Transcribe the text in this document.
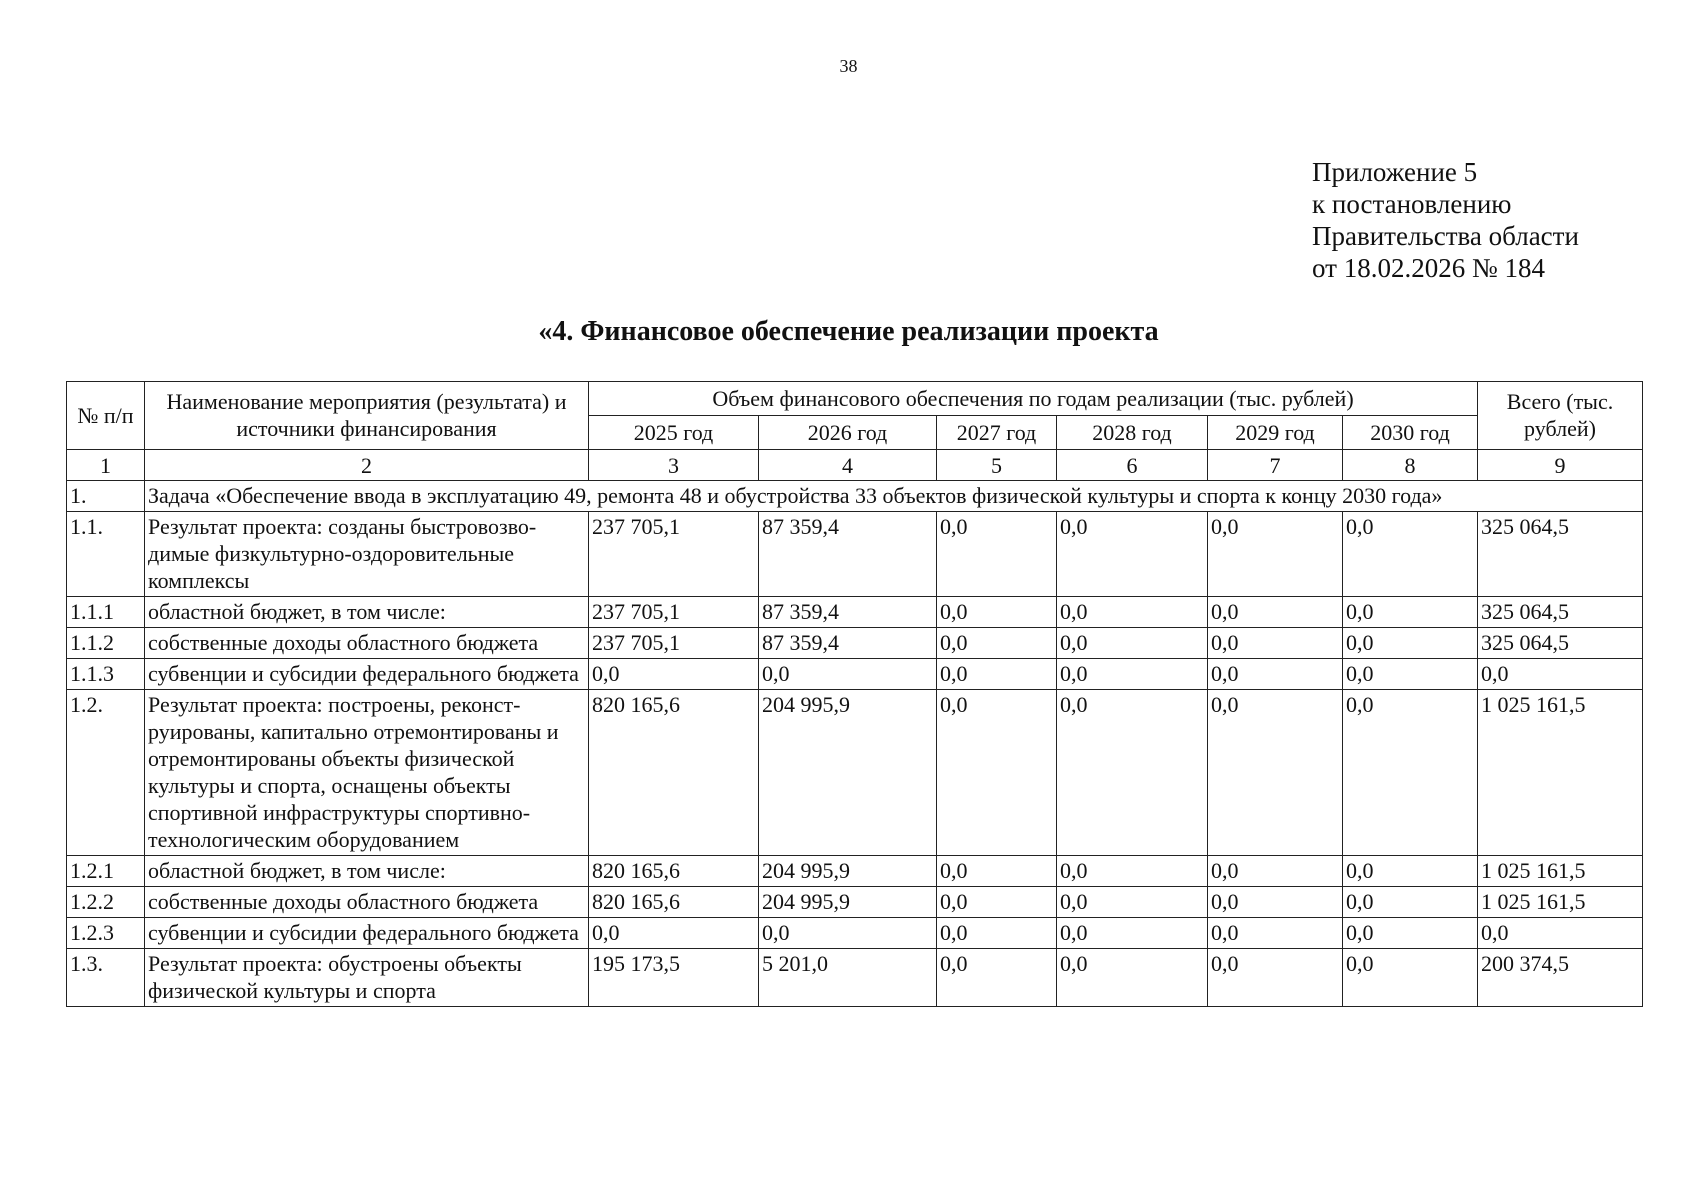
38
Приложение 5
к постановлению
Правительства области
от 18.02.2026 № 184
«4. Финансовое обеспечение реализации проекта
№ п/п	Наименование мероприятия (результата) и источники финансирования	Объем финансового обеспечения по годам реализации (тыс. рублей)						Всего (тыс. рублей)
		2025 год	2026 год	2027 год	2028 год	2029 год	2030 год	
1	2	3	4	5	6	7	8	9
1.	Задача «Обеспечение ввода в эксплуатацию 49, ремонта 48 и обустройства 33 объектов физической культуры и спорта к концу 2030 года»							
1.1.	Результат проекта: созданы быстровозво-димые физкультурно-оздоровительные комплексы	237 705,1	87 359,4	0,0	0,0	0,0	0,0	325 064,5
1.1.1	областной бюджет, в том числе:	237 705,1	87 359,4	0,0	0,0	0,0	0,0	325 064,5
1.1.2	собственные доходы областного бюджета	237 705,1	87 359,4	0,0	0,0	0,0	0,0	325 064,5
1.1.3	субвенции и субсидии федерального бюджета	0,0	0,0	0,0	0,0	0,0	0,0	0,0
1.2.	Результат проекта: построены, реконст-руированы, капитально отремонтированы и отремонтированы объекты физической культуры и спорта, оснащены объекты спортивной инфраструктуры спортивно-технологическим оборудованием	820 165,6	204 995,9	0,0	0,0	0,0	0,0	1 025 161,5
1.2.1	областной бюджет, в том числе:	820 165,6	204 995,9	0,0	0,0	0,0	0,0	1 025 161,5
1.2.2	собственные доходы областного бюджета	820 165,6	204 995,9	0,0	0,0	0,0	0,0	1 025 161,5
1.2.3	субвенции и субсидии федерального бюджета	0,0	0,0	0,0	0,0	0,0	0,0	0,0
1.3.	Результат проекта: обустроены объекты физической культуры и спорта	195 173,5	5 201,0	0,0	0,0	0,0	0,0	200 374,5
